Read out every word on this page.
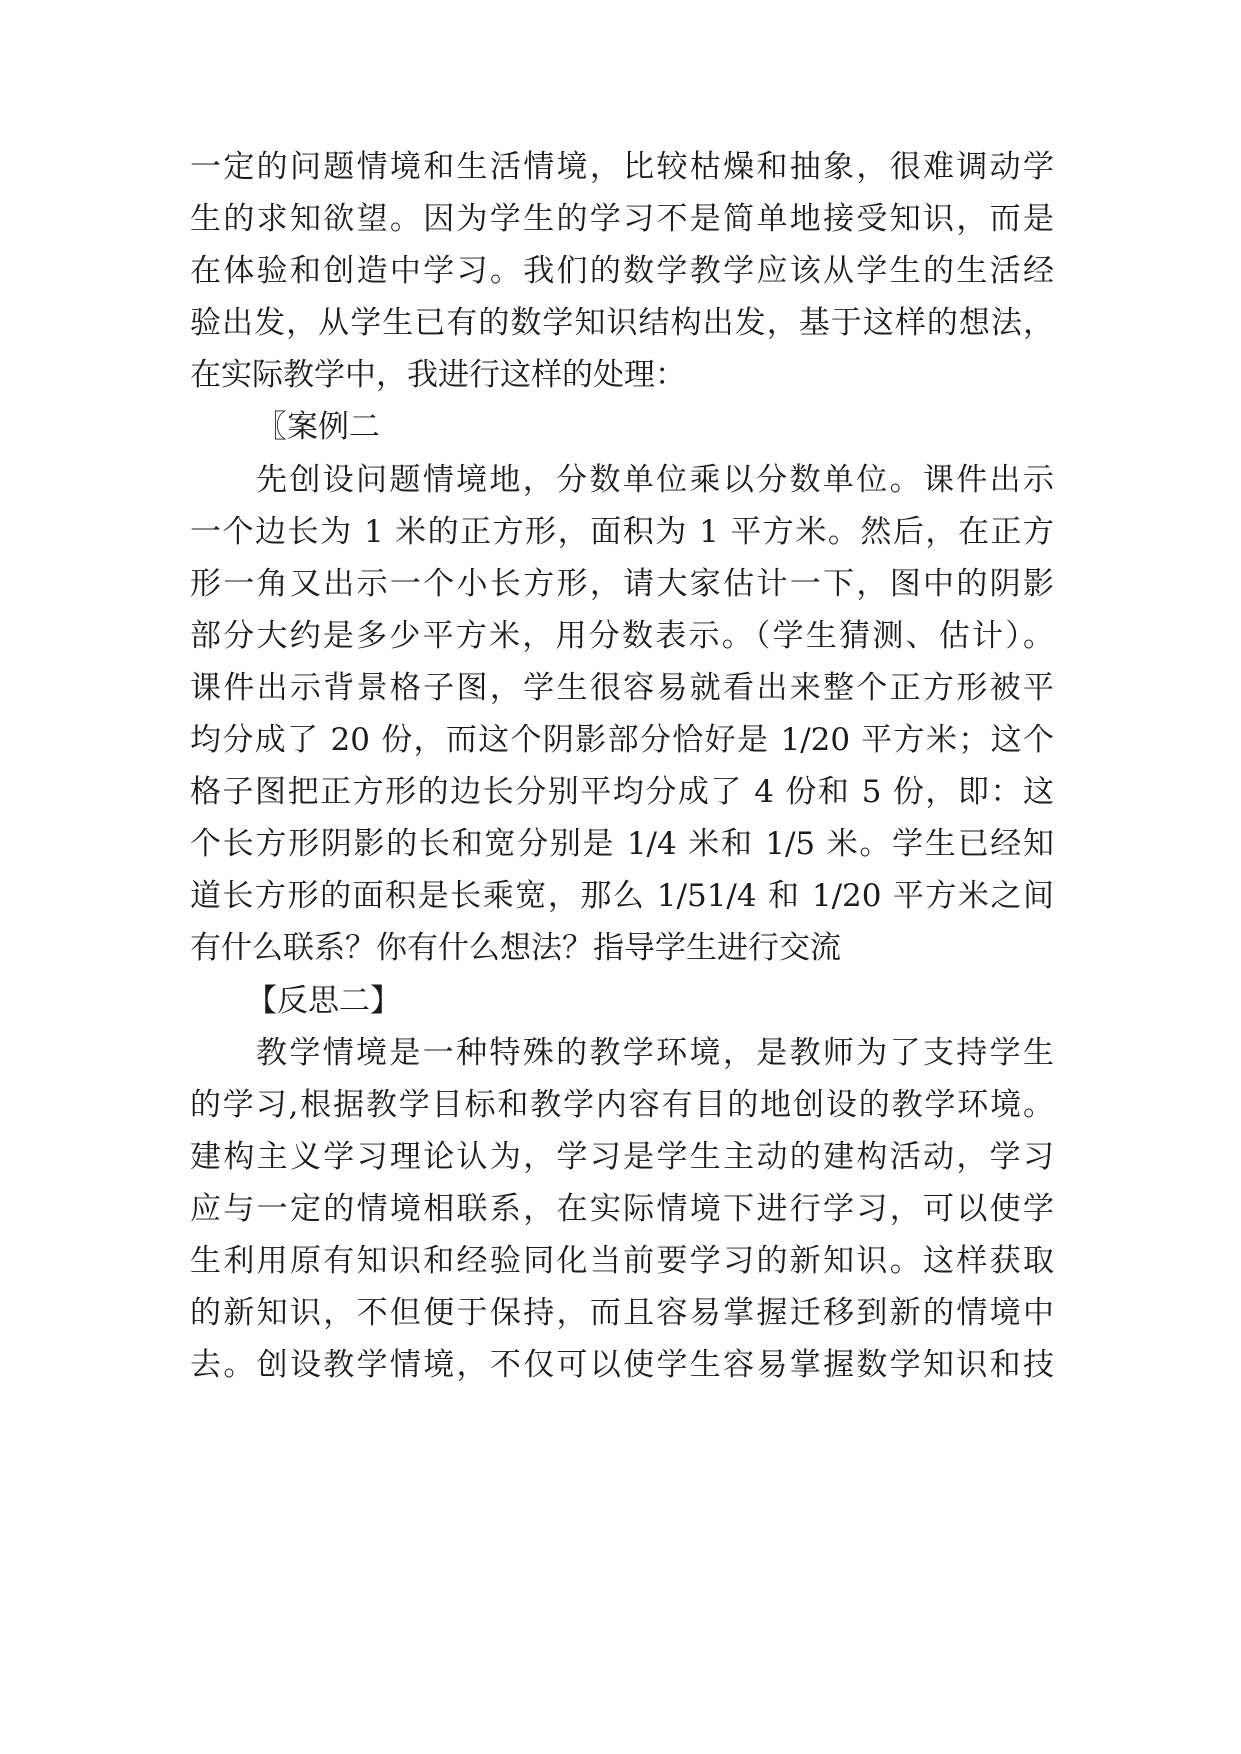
一定的问题情境和生活情境，比较枯燥和抽象，很难调动学
生的求知欲望。因为学生的学习不是简单地接受知识，而是
在体验和创造中学习。我们的数学教学应该从学生的生活经
验出发，从学生已有的数学知识结构出发，基于这样的想法，
在实际教学中，我进行这样的处理：
〖案例二
先创设问题情境地，分数单位乘以分数单位。课件出示
一个边长为 1 米的正方形，面积为 1 平方米。然后，在正方
形一角又出示一个小长方形，请大家估计一下，图中的阴影
部分大约是多少平方米，用分数表示。（学生猜测、估计）。
课件出示背景格子图，学生很容易就看出来整个正方形被平
均分成了 20 份，而这个阴影部分恰好是 1/20 平方米；这个
格子图把正方形的边长分别平均分成了 4 份和 5 份，即：这
个长方形阴影的长和宽分别是 1/4 米和 1/5 米。学生已经知
道长方形的面积是长乘宽，那么 1/51/4 和 1/20 平方米之间
有什么联系？你有什么想法？指导学生进行交流
【反思二】
教学情境是一种特殊的教学环境，是教师为了支持学生
的学习,根据教学目标和教学内容有目的地创设的教学环境。
建构主义学习理论认为，学习是学生主动的建构活动，学习
应与一定的情境相联系，在实际情境下进行学习，可以使学
生利用原有知识和经验同化当前要学习的新知识。这样获取
的新知识，不但便于保持，而且容易掌握迁移到新的情境中
去。创设教学情境，不仅可以使学生容易掌握数学知识和技
